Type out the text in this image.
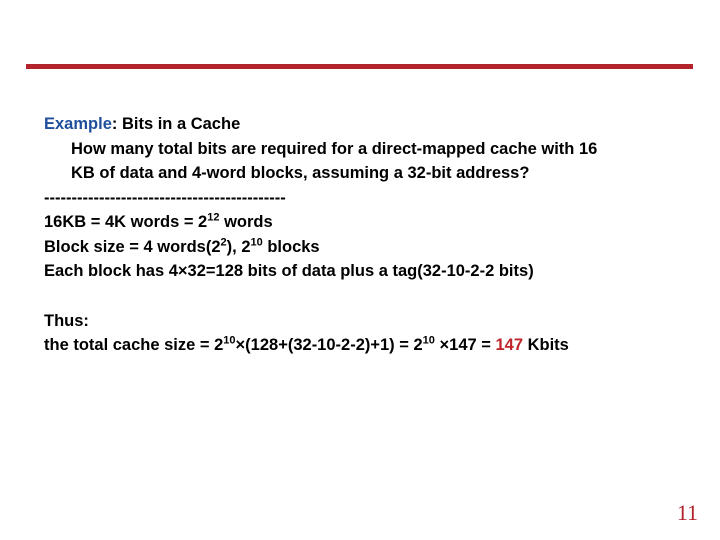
Example: Bits in a Cache
How many total bits are required for a direct-mapped cache with 16
KB of data and 4-word blocks, assuming a 32-bit address?
--------------------------------------------
16KB = 4K words = $2^{12}$ words
Block size = 4 $words(2^2)$, $2^{10}$ blocks
Each block has 4×32=128 bits of data plus a tag(32-10-2-2 bits)
Thus:
the total cache size = $2^{10}\times(128+(32-10-2-2)+1) = 2^{10} \times 147 = 147$ Kbits
11
